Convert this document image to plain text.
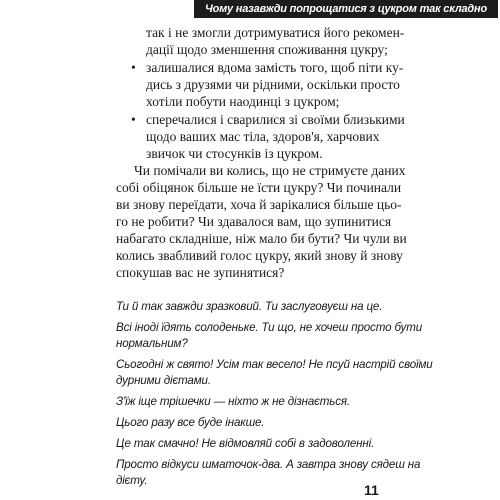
Чому назавжди попрощатися з цукром так складно
так і не змогли дотримуватися його рекомен-
дації щодо зменшення споживання цукру;
• залишалися вдома замість того, щоб піти ку-
дись з друзями чи рідними, оскільки просто
хотіли побути наодинці з цукром;
• сперечалися і сварилися зі своїми близькими
щодо ваших мас тіла, здоров'я, харчових
звичок чи стосунків із цукром.
Чи помічали ви колись, що не стримуєте даних
собі обіцянок більше не їсти цукру? Чи починали
ви знову переїдати, хоча й зарікалися більше цьо-
го не робити? Чи здавалося вам, що зупинитися
набагато складніше, ніж мало би бути? Чи чули ви
колись звабливий голос цукру, який знову й знову
спокушав вас не зупинятися?
Ти й так завжди зразковий. Ти заслуговуєш на це.
Всі іноді їдять солоденьке. Ти що, не хочеш просто бути
нормальним?
Сьогодні ж свято! Усім так весело! Не псуй настрій своїми
дурними дієтами.
З'їж іще трішечки — ніхто ж не дізнається.
Цього разу все буде інакше.
Це так смачно! Не відмовляй собі в задоволенні.
Просто відкуси шматочок-два. А завтра знову сядеш на
дієту.
11
